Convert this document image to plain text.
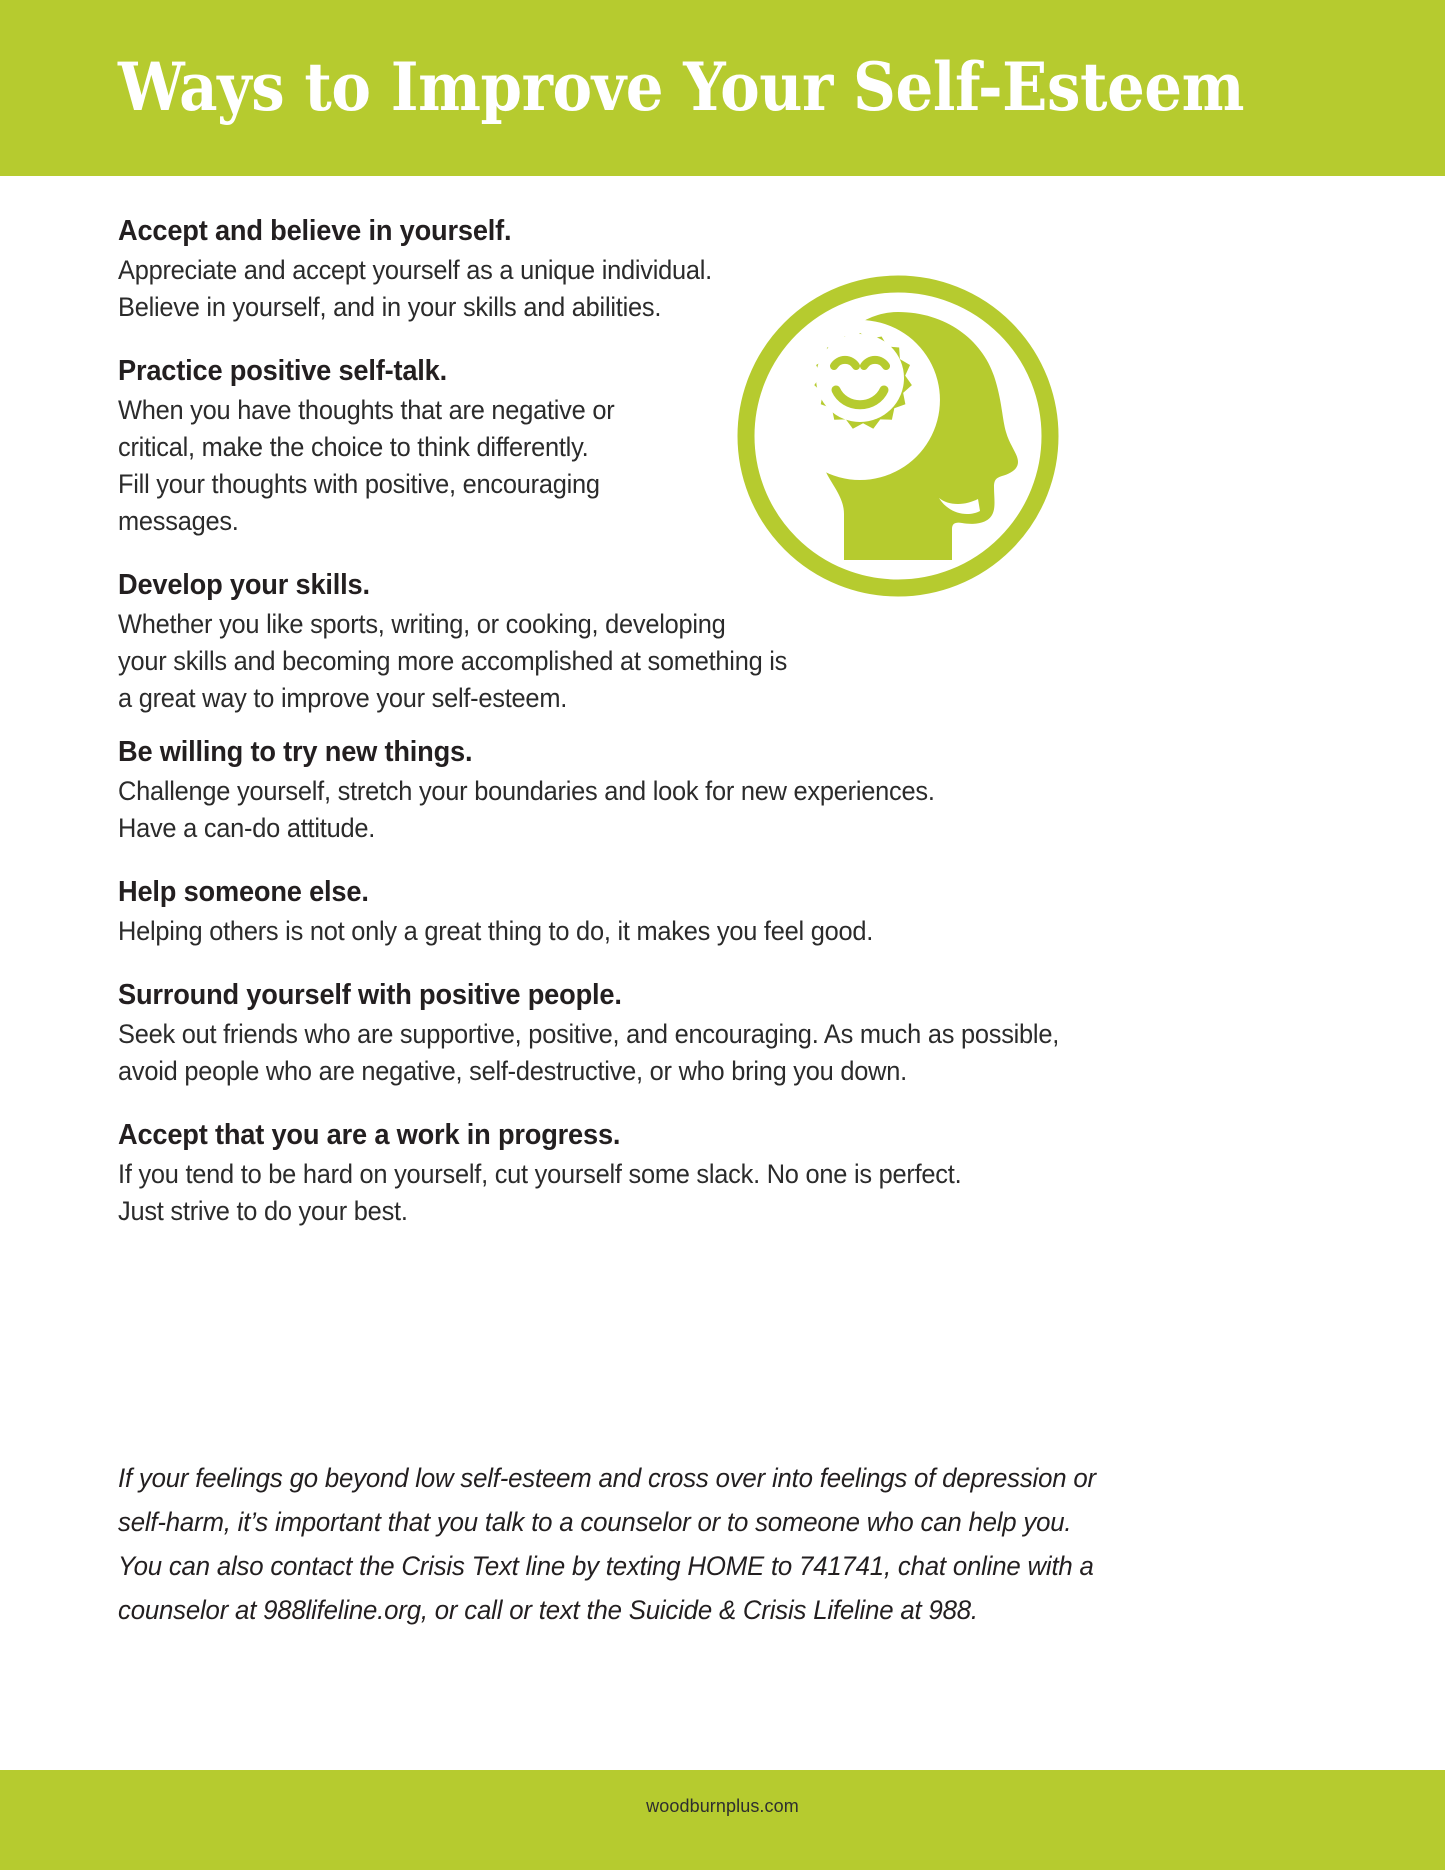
Ways to Improve Your Self-Esteem

Accept and believe in yourself.

Appreciate and accept yourself as a unique individual.
Believe in yourself, and in your skills and abilities.

Practice positive self-talk.

When you have thoughts that are negative or
critical, make the choice to think differently.
Fill your thoughts with positive, encouraging
messages.

Develop your skills.

Whether you like sports, writing, or cooking, developing
your skills and becoming more accomplished at something is
a great way to improve your self-esteem.

Be willing to try new things.

Challenge yourself, stretch your boundaries and look for new experiences.
Have a can-do attitude.

Help someone else.

Helping others is not only a great thing to do, it makes you feel good.

Surround yourself with positive people.

Seek out friends who are supportive, positive, and encouraging. As much as possible,
avoid people who are negative, self-destructive, or who bring you down.

Accept that you are a work in progress.

If you tend to be hard on yourself, cut yourself some slack. No one is perfect.
Just strive to do your best.

If your feelings go beyond low self-esteem and cross over into feelings of depression or
self-harm, it’s important that you talk to a counselor or to someone who can help you.
You can also contact the Crisis Text line by texting HOME to 741741, chat online with a
counselor at 988lifeline.org, or call or text the Suicide & Crisis Lifeline at 988.
woodburnplus.com
